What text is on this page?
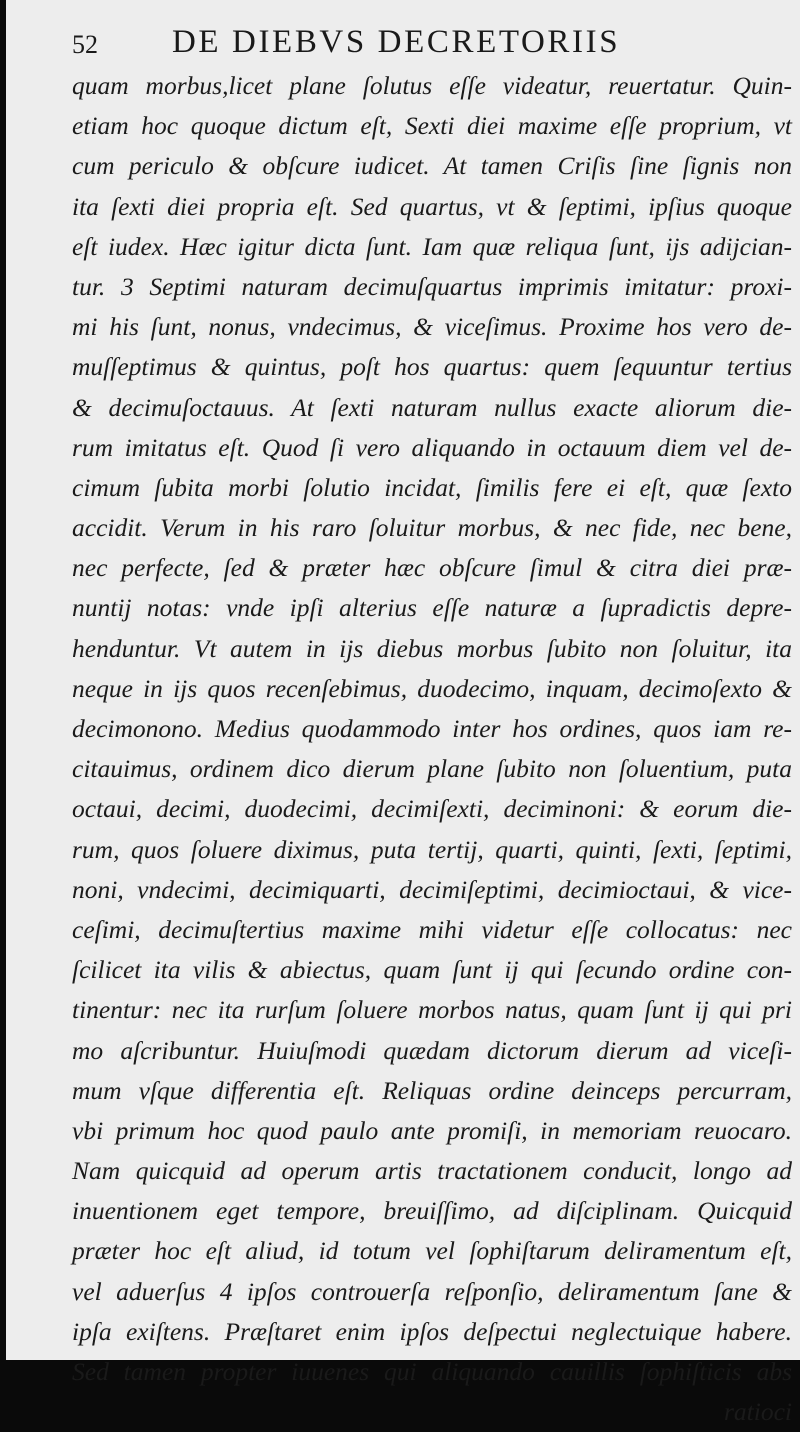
52 DE DIEBVS DECRETORIIS
quam morbus,licet plane ſolutus eſſe videatur, reuertatur. Quin-
etiam hoc quoque dictum eſt, Sexti diei maxime eſſe proprium, vt
cum periculo & obſcure iudicet. At tamen Criſis ſine ſignis non
ita ſexti diei propria eſt. Sed quartus, vt & ſeptimi, ipſius quoque
eſt iudex. Hæc igitur dicta ſunt. Iam quæ reliqua ſunt, ijs adijcian-
tur. 3 Septimi naturam decimuſquartus imprimis imitatur: proxi-
mi his ſunt, nonus, vndecimus, & viceſimus. Proxime hos vero de-
muſſeptimus & quintus, poſt hos quartus: quem ſequuntur tertius
& decimuſoctauus. At ſexti naturam nullus exacte aliorum die-
rum imitatus eſt. Quod ſi vero aliquando in octauum diem vel de-
cimum ſubita morbi ſolutio incidat, ſimilis fere ei eſt, quæ ſexto
accidit. Verum in his raro ſoluitur morbus, & nec fide, nec bene,
nec perfecte, ſed & præter hæc obſcure ſimul & citra diei præ-
nuntij notas: vnde ipſi alterius eſſe naturæ a ſupradictis depre-
henduntur. Vt autem in ijs diebus morbus ſubito non ſoluitur, ita
neque in ijs quos recenſebimus, duodecimo, inquam, decimoſexto &
decimonono. Medius quodammodo inter hos ordines, quos iam re-
citauimus, ordinem dico dierum plane ſubito non ſoluentium, puta
octaui, decimi, duodecimi, decimiſexti, deciminoni: & eorum die-
rum, quos ſoluere diximus, puta tertij, quarti, quinti, ſexti, ſeptimi,
noni, vndecimi, decimiquarti, decimiſeptimi, decimioctaui, & vice-
ceſimi, decimuſtertius maxime mihi videtur eſſe collocatus: nec
ſcilicet ita vilis & abiectus, quam ſunt ij qui ſecundo ordine con-
tinentur: nec ita rurſum ſoluere morbos natus, quam ſunt ij qui pri
mo aſcribuntur. Huiuſmodi quædam dictorum dierum ad viceſi-
mum vſque differentia eſt. Reliquas ordine deinceps percurram,
vbi primum hoc quod paulo ante promiſi, in memoriam reuocaro.
Nam quicquid ad operum artis tractationem conducit, longo ad
inuentionem eget tempore, breuiſſimo, ad diſciplinam. Quicquid
præter hoc eſt aliud, id totum vel ſophiſtarum deliramentum eſt,
vel aduerſus 4 ipſos controuerſa reſponſio, deliramentum ſane &
ipſa exiſtens. Præſtaret enim ipſos deſpectui neglectuique habere.
Sed tamen propter iuuenes qui aliquando cauillis ſophiſticis abs
ratioci
